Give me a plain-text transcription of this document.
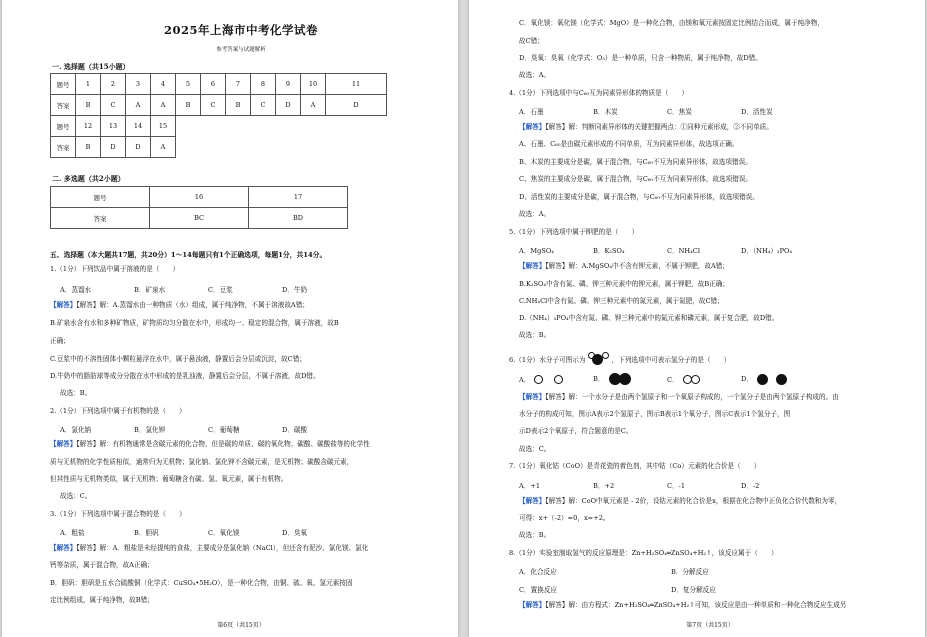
2025年上海市中考化学试卷
参考答案与试题解析
一. 选择题（共15小题）
题号	1	2	3	4	5	6	7	8	9	10	11
答案	B	C	A	A	B	C	B	C	D	A	D
题号	12	13	14	15							
答案	B	D	D	A							
二. 多选题（共2小题）
题号	16	17
答案	BC	BD
五、选择题（本大题共17题，共20分）1～14每题只有1个正确选项，每题1分，共14分。
1.（1分）下列饮品中属于溶液的是（　　）
A．蒸馏水	B．矿泉水	C．豆浆	D．牛奶
【解答】【解答】解：A.蒸馏水由一种物质（水）组成，属于纯净物，不属于溶液故A错；
B.矿泉水含有水和多种矿物质，矿物质均匀分散在水中，形成均一、稳定的混合物，属于溶液，故B
正确；
C.豆浆中的不溶性固体小颗粒悬浮在水中，属于悬浊液，静置后会分层或沉淀，故C错；
D.牛奶中的脂肪球等成分分散在水中形成的是乳浊液，静置后会分层，不属于溶液，故D错。
故选：B。
2.（1分）下列选项中属于有机物的是（　　）
A．氯化钠	B．氯化钾	C．葡萄糖	D．碳酸
【解答】【解答】解：有机物通常是含碳元素的化合物，但是碳的单质、碳的氧化物、碳酸、碳酸盐等的化学性
质与无机物的化学性质相似，通常归为无机物；氯化钠、氯化钾不含碳元素，是无机物；碳酸含碳元素，
但其性质与无机物类似，属于无机物；葡萄糖含有碳、氢、氧元素，属于有机物。
故选：C。
3.（1分）下列选项中属于混合物的是（　　）
A．粗盐	B．胆矾	C．氧化镁	D．臭氧
【解答】【解答】解：A．粗盐是未经提纯的食盐，主要成分是氯化钠（NaCl），但还含有泥沙、氯化镁、氯化
钙等杂质，属于混合物，故A正确；
B．胆矾：胆矾是五水合硫酸铜（化学式：CuSO₄•5H₂O），是一种化合物，由铜、硫、氧、氢元素按固
定比例组成，属于纯净物，故B错；
第6页（共15页）
C．氧化镁：氧化镁（化学式：MgO）是一种化合物，由镁和氧元素按固定比例结合而成，属于纯净物，
故C错；
D．臭氧：臭氧（化学式：O₃）是一种单质，只含一种物质，属于纯净物，故D错。
故选：A。
4.（1分）下列选项中与C₆₀互为同素异形体的物质是（　　）
A．石墨	B．木炭	C．焦炭	D．活性炭
【解答】【解答】解：判断同素异形体的关键把握两点：①同种元素形成，②不同单质。
A、石墨、C₆₀是由碳元素形成的不同单质，互为同素异形体，故选项正确。
B、木炭的主要成分是碳，属于混合物，与C₆₀不互为同素异形体，故选项错误。
C、焦炭的主要成分是碳，属于混合物，与C₆₀不互为同素异形体，故选项错误。
D、活性炭的主要成分是碳，属于混合物，与C₆₀不互为同素异形体，故选项错误。
故选：A。
5.（1分）下列选项中属于钾肥的是（　　）
A．MgSO₄	B．K₂SO₄	C．NH₄Cl	D．（NH₄）₃PO₄
【解答】【解答】解：A.MgSO₄中不含有钾元素，不属于钾肥，故A错；
B.K₂SO₄中含有氮、磷、钾三种元素中的钾元素，属于钾肥，故B正确；
C.NH₄Cl中含有氮、磷、钾三种元素中的氮元素，属于氮肥，故C错；
D.（NH₄）₃PO₄中含有氮、磷、钾三种元素中的氮元素和磷元素，属于复合肥，故D错。
故选：B。
6.（1分）水分子可图示为	，下列选项中可表示氢分子的是（　　）
A．	B．	C．	D．
【解答】【解答】解：一个水分子是由两个氢原子和一个氧原子构成的，一个氢分子是由两个氢原子构成的。由
水分子的构成可知，图示A表示2个氢原子，图示B表示1个氧分子，图示C表示1个氢分子，图
示D表示2个氧原子，符合题意的是C。
故选：C。
7.（1分）氧化钴（CoO）是青花瓷的着色剂，其中钴（Co）元素的化合价是（　　）
A．+1	B．+2	C．-1	D．-2
【解答】【解答】解：CoO中氧元素是 - 2价，设钴元素的化合价是x，根据在化合物中正负化合价代数和为零，
可得：x+（-2）=0，x=+2。
故选：B。
8.（1分）实验室制取氢气的反应原理是：Zn+H₂SO₄═ZnSO₄+H₂↑，该反应属于（　　）
A．化合反应	B．分解反应
C．置换反应	D．复分解反应
【解答】【解答】解：由方程式：Zn+H₂SO₄═ZnSO₄+H₂↑可知，该反应是由一种单质和一种化合物反应生成另
第7页（共15页）
